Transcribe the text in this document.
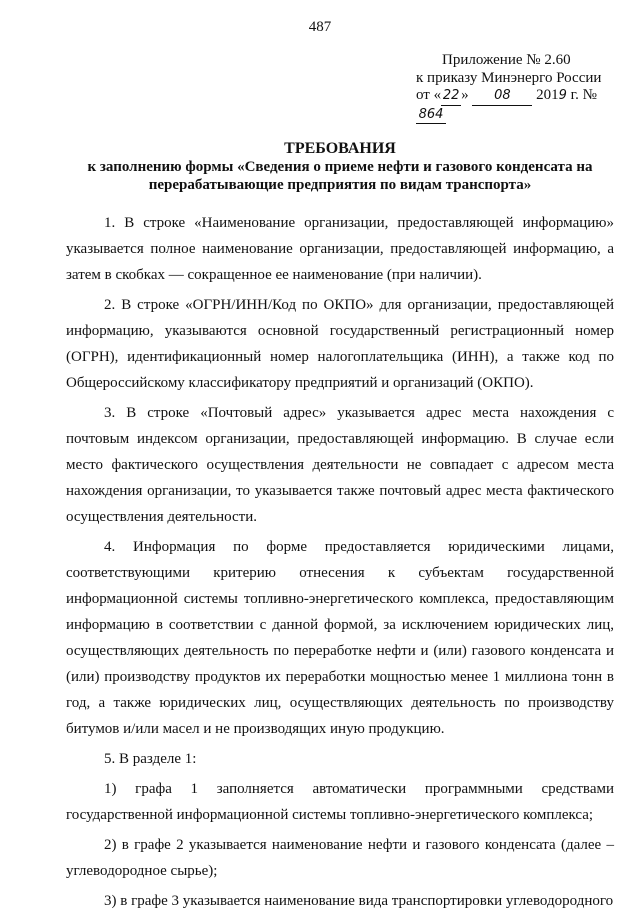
487
Приложение № 2.60
к приказу Минэнерго России
от « 22 » 08 2019 г. № 864
ТРЕБОВАНИЯ
к заполнению формы «Сведения о приеме нефти и газового конденсата на
перерабатывающие предприятия по видам транспорта»

1. В строке «Наименование организации, предоставляющей информацию» указывается полное наименование организации, предоставляющей информацию, а затем в скобках — сокращенное ее наименование (при наличии).

2. В строке «ОГРН/ИНН/Код по ОКПО» для организации, предоставляющей информацию, указываются основной государственный регистрационный номер (ОГРН), идентификационный номер налогоплательщика (ИНН), а также код по Общероссийскому классификатору предприятий и организаций (ОКПО).

3. В строке «Почтовый адрес» указывается адрес места нахождения с почтовым индексом организации, предоставляющей информацию. В случае если место фактического осуществления деятельности не совпадает с адресом места нахождения организации, то указывается также почтовый адрес места фактического осуществления деятельности.

4. Информация по форме предоставляется юридическими лицами, соответствующими критерию отнесения к субъектам государственной информационной системы топливно-энергетического комплекса, предоставляющим информацию в соответствии с данной формой, за исключением юридических лиц, осуществляющих деятельность по переработке нефти и (или) газового конденсата и (или) производству продуктов их переработки мощностью менее 1 миллиона тонн в год, а также юридических лиц, осуществляющих деятельность по производству битумов и/или масел и не производящих иную продукцию.

5. В разделе 1:

1) графа 1 заполняется автоматически программными средствами государственной информационной системы топливно-энергетического комплекса;

2) в графе 2 указывается наименование нефти и газового конденсата (далее – углеводородное сырье);

3) в графе 3 указывается наименование вида транспортировки углеводородного
